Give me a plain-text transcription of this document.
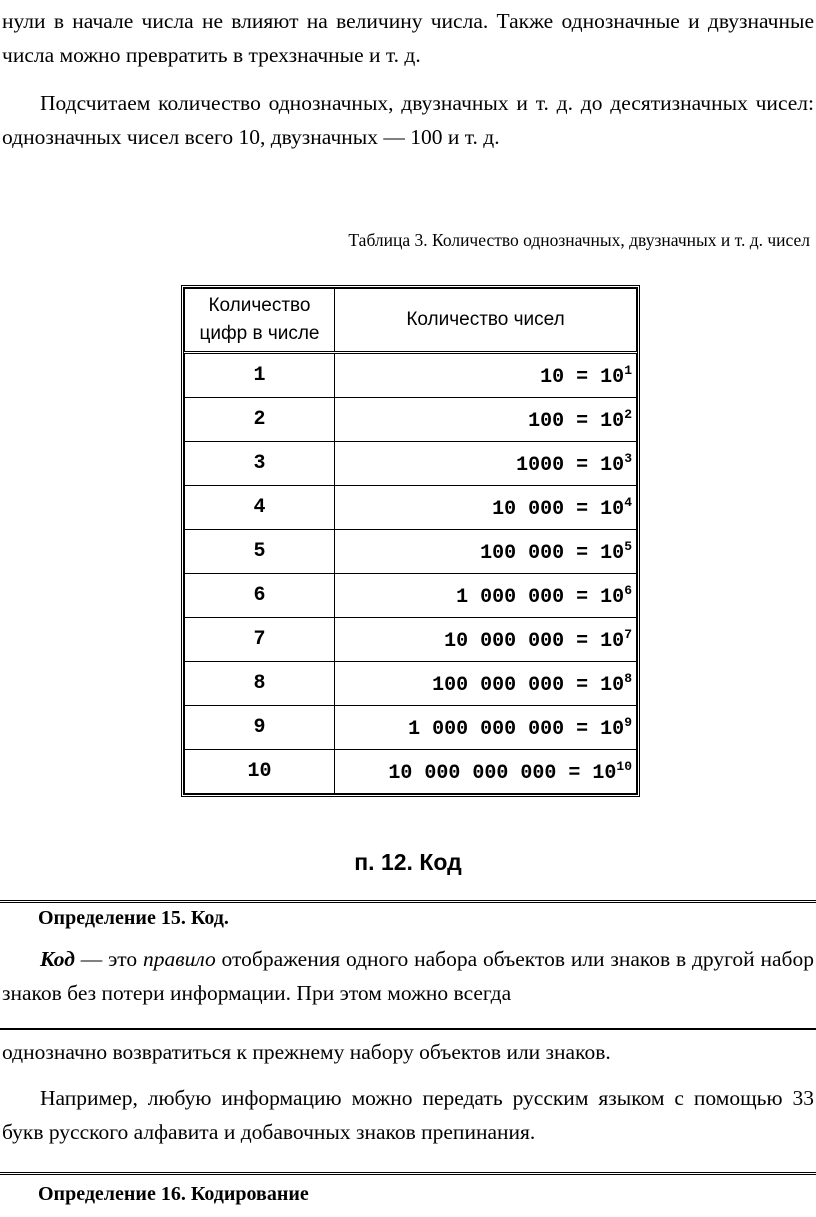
нули в начале числа не влияют на величину числа. Также однозначные и двузначные числа можно превратить в трехзначные и т. д.

Подсчитаем количество однозначных, двузначных и т. д. до десятизначных чисел: однозначных чисел всего 10, двузначных — 100 и т. д.

Таблица 3. Количество однозначных, двузначных и т. д. чисел
Количество цифр в числе	Количество чисел
1	$10 = 10^1$
2	$100 = 10^2$
3	$1000 = 10^3$
4	10 $000 = 10^4$
5	100 $000 = 10^5$
6	1 000 $000 = 10^6$
7	10 000 $000 = 10^7$
8	100 000 $000 = 10^8$
9	1 000 000 $000 = 10^9$
10	10 000 000 $000 = 10^{10}$
п. 12. Код
Определение 15. Код.

Код — это правило отображения одного набора объектов или знаков в другой набор знаков без потери информации. При этом можно всегда

однозначно возвратиться к прежнему набору объектов или знаков.

Например, любую информацию можно передать русским языком с помощью 33 букв русского алфавита и добавочных знаков препинания.

Определение 16. Кодирование
